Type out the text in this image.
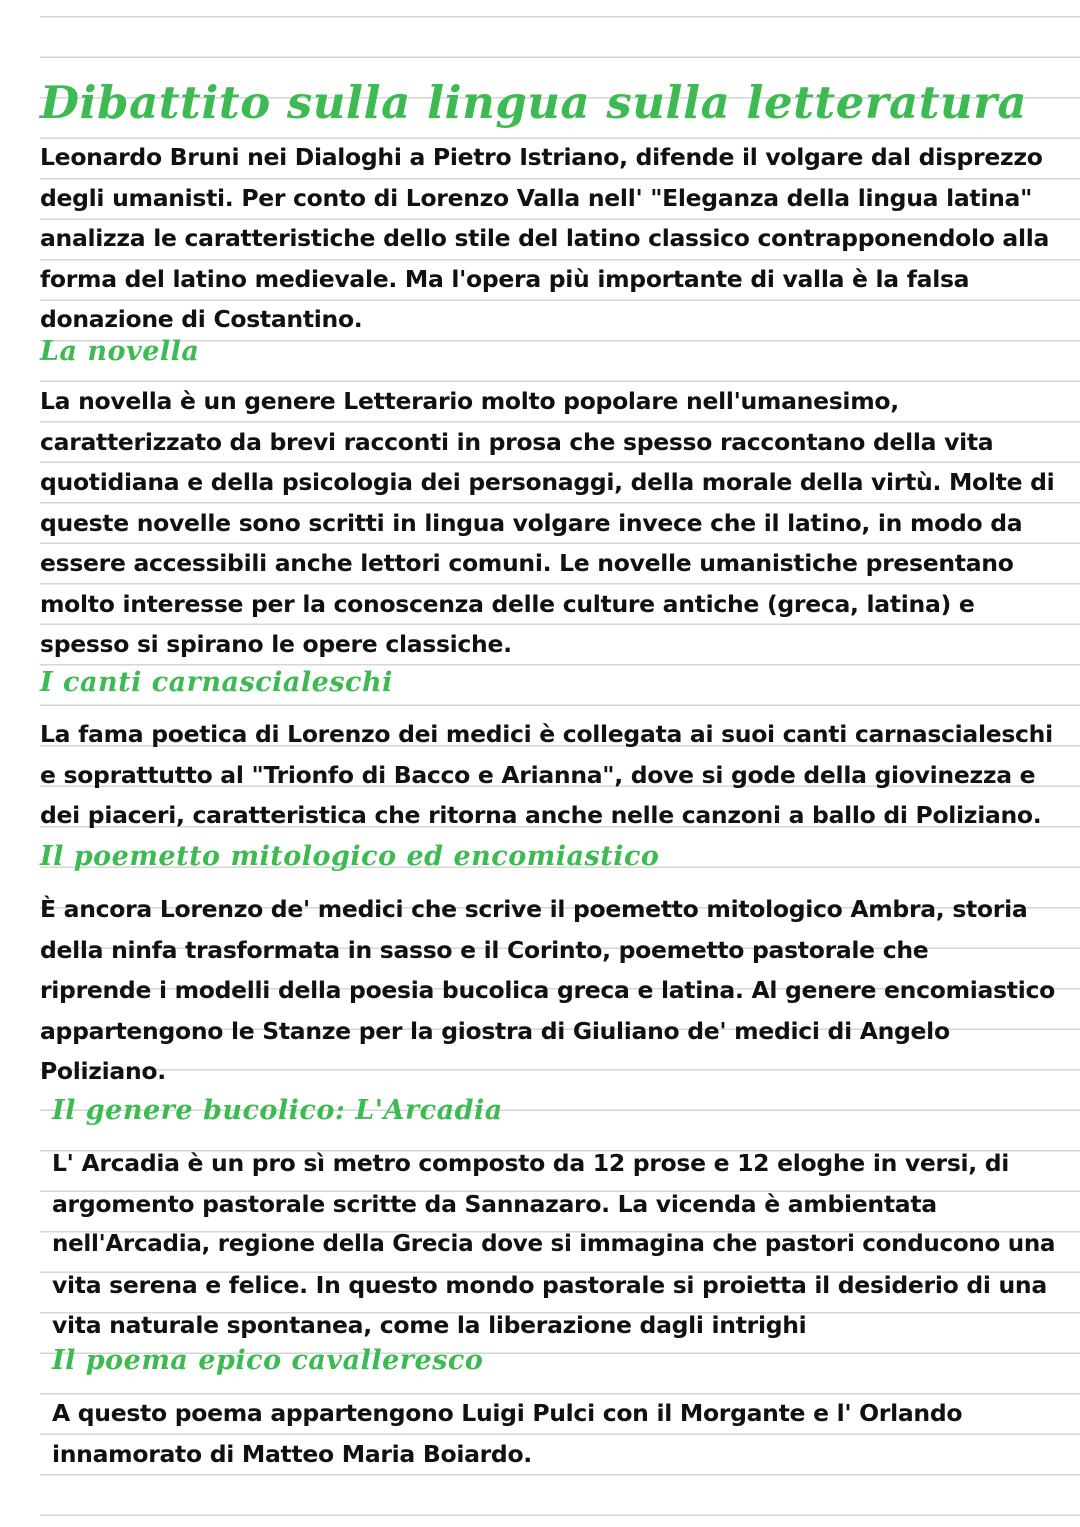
Dibattito sulla lingua sulla letteratura
Leonardo Bruni nei Dialoghi a Pietro Istriano, difende il volgare dal disprezzo
degli umanisti. Per conto di Lorenzo Valla nell' "Eleganza della lingua latina"
analizza le caratteristiche dello stile del latino classico contrapponendolo alla
forma del latino medievale. Ma l'opera più importante di valla è la falsa
donazione di Costantino.
La novella
La novella è un genere Letterario molto popolare nell'umanesimo,
caratterizzato da brevi racconti in prosa che spesso raccontano della vita
quotidiana e della psicologia dei personaggi, della morale della virtù. Molte di
queste novelle sono scritti in lingua volgare invece che il latino, in modo da
essere accessibili anche lettori comuni. Le novelle umanistiche presentano
molto interesse per la conoscenza delle culture antiche (greca, latina) e
spesso si spirano le opere classiche.
I canti carnascialeschi
La fama poetica di Lorenzo dei medici è collegata ai suoi canti carnascialeschi
e soprattutto al "Trionfo di Bacco e Arianna", dove si gode della giovinezza e
dei piaceri, caratteristica che ritorna anche nelle canzoni a ballo di Poliziano.
Il poemetto mitologico ed encomiastico
È ancora Lorenzo de' medici che scrive il poemetto mitologico Ambra, storia
della ninfa trasformata in sasso e il Corinto, poemetto pastorale che
riprende i modelli della poesia bucolica greca e latina. Al genere encomiastico
appartengono le Stanze per la giostra di Giuliano de' medici di Angelo
Poliziano.
Il genere bucolico: L'Arcadia
L' Arcadia è un pro sì metro composto da 12 prose e 12 eloghe in versi, di
argomento pastorale scritte da Sannazaro. La vicenda è ambientata
nell'Arcadia, regione della Grecia dove si immagina che pastori conducono una
vita serena e felice. In questo mondo pastorale si proietta il desiderio di una
vita naturale spontanea, come la liberazione dagli intrighi
Il poema epico cavalleresco
A questo poema appartengono Luigi Pulci con il Morgante e l' Orlando
innamorato di Matteo Maria Boiardo.
